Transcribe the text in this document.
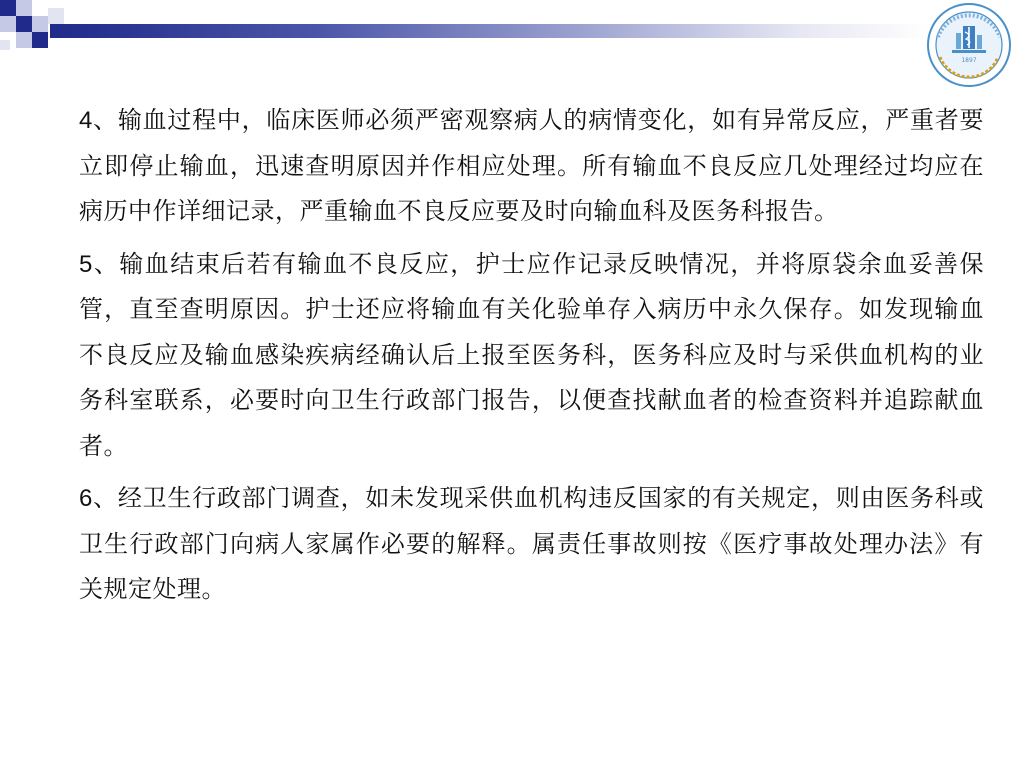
1897

4、输血过程中，临床医师必须严密观察病人的病情变化，如有异常反应，严重者要立即停止输血，迅速查明原因并作相应处理。所有输血不良反应几处理经过均应在病历中作详细记录，严重输血不良反应要及时向输血科及医务科报告。

5、输血结束后若有输血不良反应，护士应作记录反映情况，并将原袋余血妥善保管，直至查明原因。护士还应将输血有关化验单存入病历中永久保存。如发现输血不良反应及输血感染疾病经确认后上报至医务科，医务科应及时与采供血机构的业务科室联系，必要时向卫生行政部门报告，以便查找献血者的检查资料并追踪献血者。

6、经卫生行政部门调查，如未发现采供血机构违反国家的有关规定，则由医务科或卫生行政部门向病人家属作必要的解释。属责任事故则按《医疗事故处理办法》有关规定处理。
